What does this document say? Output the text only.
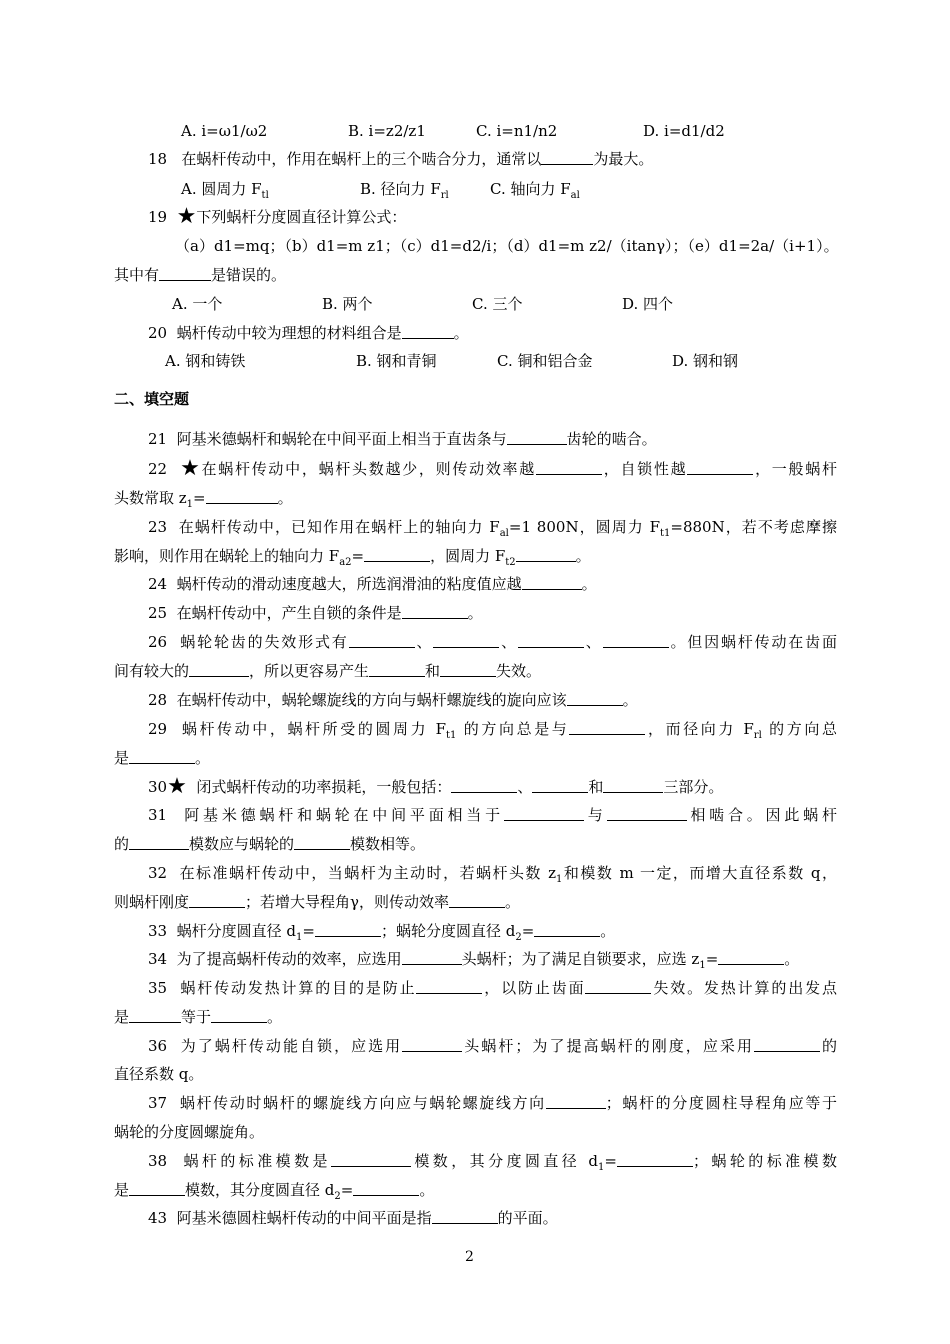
A. i=ω1/ω2	B. i=z2/z1	C. i=n1/n2	D. i=d1/d2
18 在蜗杆传动中，作用在蜗杆上的三个啮合分力，通常以	为最大。
A. 圆周力 $F_{tl}$	B. 径向力 $F_{rl}$	C. 轴向力 $F_{al}$
19 ★下列蜗杆分度圆直径计算公式：
（a）d1=mq；（b）d1=m z1；（c）d1=d2/i；（d）d1=m z2/（itanγ）；（e）d1=2a/（i+1）。
其中有	是错误的。
A. 一个	B. 两个	C. 三个	D. 四个
20 蜗杆传动中较为理想的材料组合是	。
A. 钢和铸铁	B. 钢和青铜	C. 铜和铝合金	D. 钢和钢
二、填空题
21 阿基米德蜗杆和蜗轮在中间平面上相当于直齿条与	齿轮的啮合。
22 ★在蜗杆传动中，蜗杆头数越少，则传动效率越	，自锁性越	，一般蜗杆
头数常取 $z_1=$	。
23 在蜗杆传动中，已知作用在蜗杆上的轴向力 $F_{al}=1$ 800N，圆周力 $F_{t1}=880N$，若不考虑摩擦
影响，则作用在蜗轮上的轴向力 $F_{a2}=$	，圆周力 $F_{t2}$	。
24 蜗杆传动的滑动速度越大，所选润滑油的粘度值应越	。
25 在蜗杆传动中，产生自锁的条件是	。
26 蜗轮轮齿的失效形式有	、	、	、	。但因蜗杆传动在齿面
间有较大的	，所以更容易产生	和	失效。
28 在蜗杆传动中，蜗轮螺旋线的方向与蜗杆螺旋线的旋向应该	。
29 蜗杆传动中，蜗杆所受的圆周力 $F_{t1}$ 的方向总是与	，而径向力 $F_{rl}$ 的方向总
是	。
30★ 闭式蜗杆传动的功率损耗，一般包括：	、	和	三部分。
31 阿基米德蜗杆和蜗轮在中间平面相当于	与	相啮合。因此蜗杆
的	模数应与蜗轮的	模数相等。
32 在标准蜗杆传动中，当蜗杆为主动时，若蜗杆头数 $z_1$和模数 m 一定，而增大直径系数 q，
则蜗杆刚度	；若增大导程角γ，则传动效率	。
33 蜗杆分度圆直径 $d_1=$	；蜗轮分度圆直径 $d_2=$	。
34 为了提高蜗杆传动的效率，应选用	头蜗杆；为了满足自锁要求，应选 $z_1=$	。
35 蜗杆传动发热计算的目的是防止	，以防止齿面	失效。发热计算的出发点
是	等于	。
36 为了蜗杆传动能自锁，应选用	头蜗杆；为了提高蜗杆的刚度，应采用	的
直径系数 q。
37 蜗杆传动时蜗杆的螺旋线方向应与蜗轮螺旋线方向	；蜗杆的分度圆柱导程角应等于
蜗轮的分度圆螺旋角。
38 蜗杆的标准模数是	模数，其分度圆直径 $d_1=$	；蜗轮的标准模数
是	模数，其分度圆直径 $d_2=$	。
43 阿基米德圆柱蜗杆传动的中间平面是指	的平面。
2
